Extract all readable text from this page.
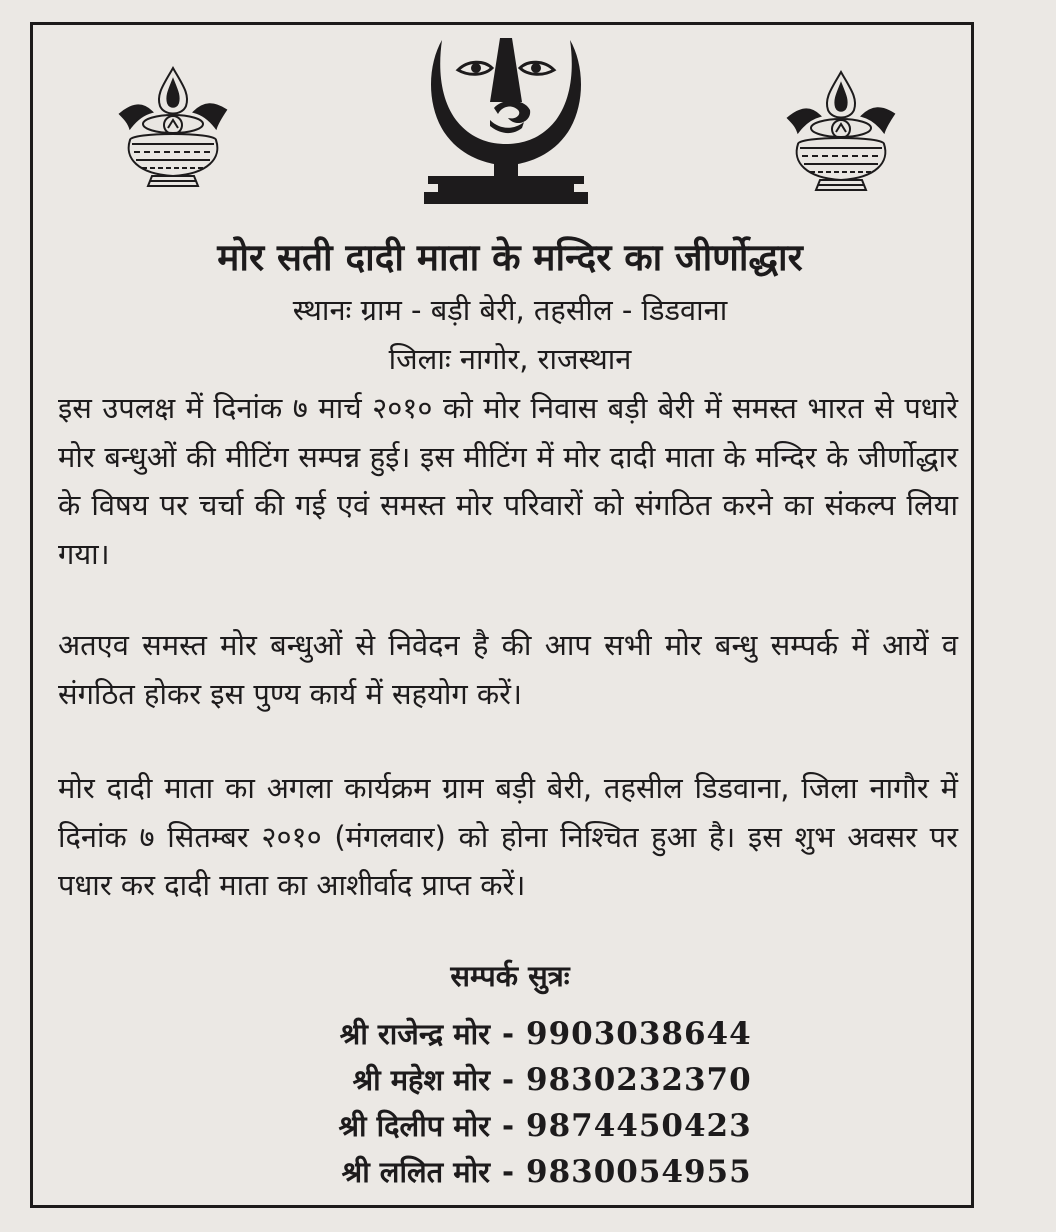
मोर सती दादी माता के मन्दिर का जीर्णोद्धार
स्थानः ग्राम - बड़ी बेरी, तहसील - डिडवाना
जिलाः नागोर, राजस्थान
इस उपलक्ष में दिनांक ७ मार्च २०१० को मोर निवास बड़ी बेरी में समस्त भारत से पधारे मोर बन्धुओं की मीटिंग सम्पन्न हुई। इस मीटिंग में मोर दादी माता के मन्दिर के जीर्णोद्धार के विषय पर चर्चा की गई एवं समस्त मोर परिवारों को संगठित करने का संकल्प लिया गया।
अतएव समस्त मोर बन्धुओं से निवेदन है की आप सभी मोर बन्धु सम्पर्क में आयें व संगठित होकर इस पुण्य कार्य में सहयोग करें।
मोर दादी माता का अगला कार्यक्रम ग्राम बड़ी बेरी, तहसील डिडवाना, जिला नागौर में दिनांक ७ सितम्बर २०१० (मंगलवार) को होना निश्चित हुआ है। इस शुभ अवसर पर पधार कर दादी माता का आशीर्वाद प्राप्त करें।
सम्पर्क सुत्रः
श्री राजेन्द्र मोर - 9903038644
श्री महेश मोर - 9830232370
श्री दिलीप मोर - 9874450423
श्री ललित मोर - 9830054955
